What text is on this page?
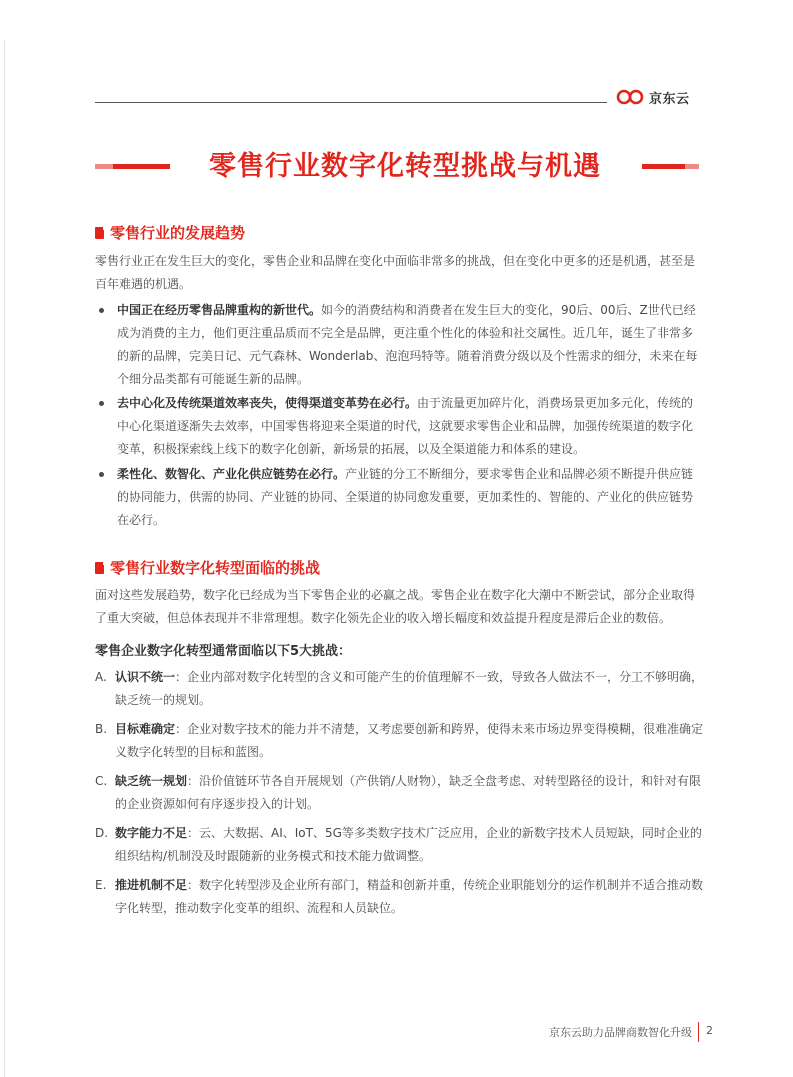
京东云
零售行业数字化转型挑战与机遇
零售行业的发展趋势
零售行业正在发生巨大的变化，零售企业和品牌在变化中面临非常多的挑战，但在变化中更多的还是机遇，甚至是百年难遇的机遇。
中国正在经历零售品牌重构的新世代。如今的消费结构和消费者在发生巨大的变化，90后、00后、Z世代已经成为消费的主力，他们更注重品质而不完全是品牌，更注重个性化的体验和社交属性。近几年，诞生了非常多的新的品牌，完美日记、元气森林、Wonderlab、泡泡玛特等。随着消费分级以及个性需求的细分，未来在每个细分品类都有可能诞生新的品牌。
去中心化及传统渠道效率丧失，使得渠道变革势在必行。由于流量更加碎片化，消费场景更加多元化，传统的中心化渠道逐渐失去效率，中国零售将迎来全渠道的时代，这就要求零售企业和品牌，加强传统渠道的数字化变革，积极探索线上线下的数字化创新，新场景的拓展，以及全渠道能力和体系的建设。
柔性化、数智化、产业化供应链势在必行。产业链的分工不断细分，要求零售企业和品牌必须不断提升供应链的协同能力，供需的协同、产业链的协同、全渠道的协同愈发重要，更加柔性的、智能的、产业化的供应链势在必行。
零售行业数字化转型面临的挑战
面对这些发展趋势，数字化已经成为当下零售企业的必赢之战。零售企业在数字化大潮中不断尝试，部分企业取得了重大突破，但总体表现并不非常理想。数字化领先企业的收入增长幅度和效益提升程度是滞后企业的数倍。
零售企业数字化转型通常面临以下5大挑战：
A. 认识不统一：企业内部对数字化转型的含义和可能产生的价值理解不一致，导致各人做法不一，分工不够明确，缺乏统一的规划。
B. 目标难确定：企业对数字技术的能力并不清楚，又考虑要创新和跨界，使得未来市场边界变得模糊，很难准确定义数字化转型的目标和蓝图。
C. 缺乏统一规划：沿价值链环节各自开展规划（产供销/人财物），缺乏全盘考虑、对转型路径的设计，和针对有限的企业资源如何有序逐步投入的计划。
D. 数字能力不足：云、大数据、AI、IoT、5G等多类数字技术广泛应用，企业的新数字技术人员短缺，同时企业的组织结构/机制没及时跟随新的业务模式和技术能力做调整。
E. 推进机制不足：数字化转型涉及企业所有部门，精益和创新并重，传统企业职能划分的运作机制并不适合推动数字化转型，推动数字化变革的组织、流程和人员缺位。
京东云助力品牌商数智化升级 2
